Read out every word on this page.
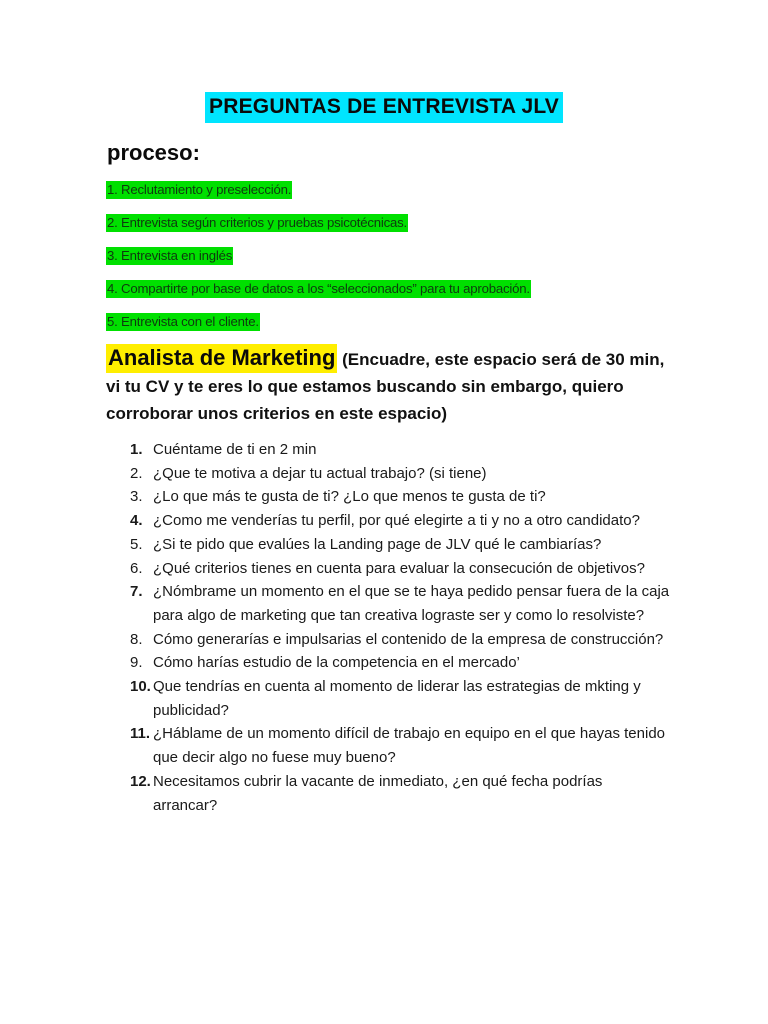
PREGUNTAS DE ENTREVISTA JLV
proceso:
1. Reclutamiento y preselección.
2. Entrevista según criterios y pruebas psicotécnicas.
3. Entrevista en inglés
4. Compartirte por base de datos a los “seleccionados” para tu aprobación.
5. Entrevista con el cliente.
Analista de Marketing (Encuadre, este espacio será de 30 min, vi tu CV y te eres lo que estamos buscando sin embargo, quiero corroborar unos criterios en este espacio)
1. Cuéntame de ti en 2 min
2. ¿Que te motiva a dejar tu actual trabajo? (si tiene)
3. ¿Lo que más te gusta de ti? ¿Lo que menos te gusta de ti?
4. ¿Como me venderías tu perfil, por qué elegirte a ti y no a otro candidato?
5. ¿Si te pido que evalúes la Landing page de JLV qué le cambiarías?
6. ¿Qué criterios tienes en cuenta para evaluar la consecución de objetivos?
7. ¿Nómbrame un momento en el que se te haya pedido pensar fuera de la caja para algo de marketing que tan creativa lograste ser y como lo resolviste?
8. Cómo generarías e impulsarias el contenido de la empresa de construcción?
9. Cómo harías estudio de la competencia en el mercado’
10. Que tendrías en cuenta al momento de liderar las estrategias de mkting y publicidad?
11. ¿Háblame de un momento difícil de trabajo en equipo en el que hayas tenido que decir algo no fuese muy bueno?
12. Necesitamos cubrir la vacante de inmediato, ¿en qué fecha podrías arrancar?
